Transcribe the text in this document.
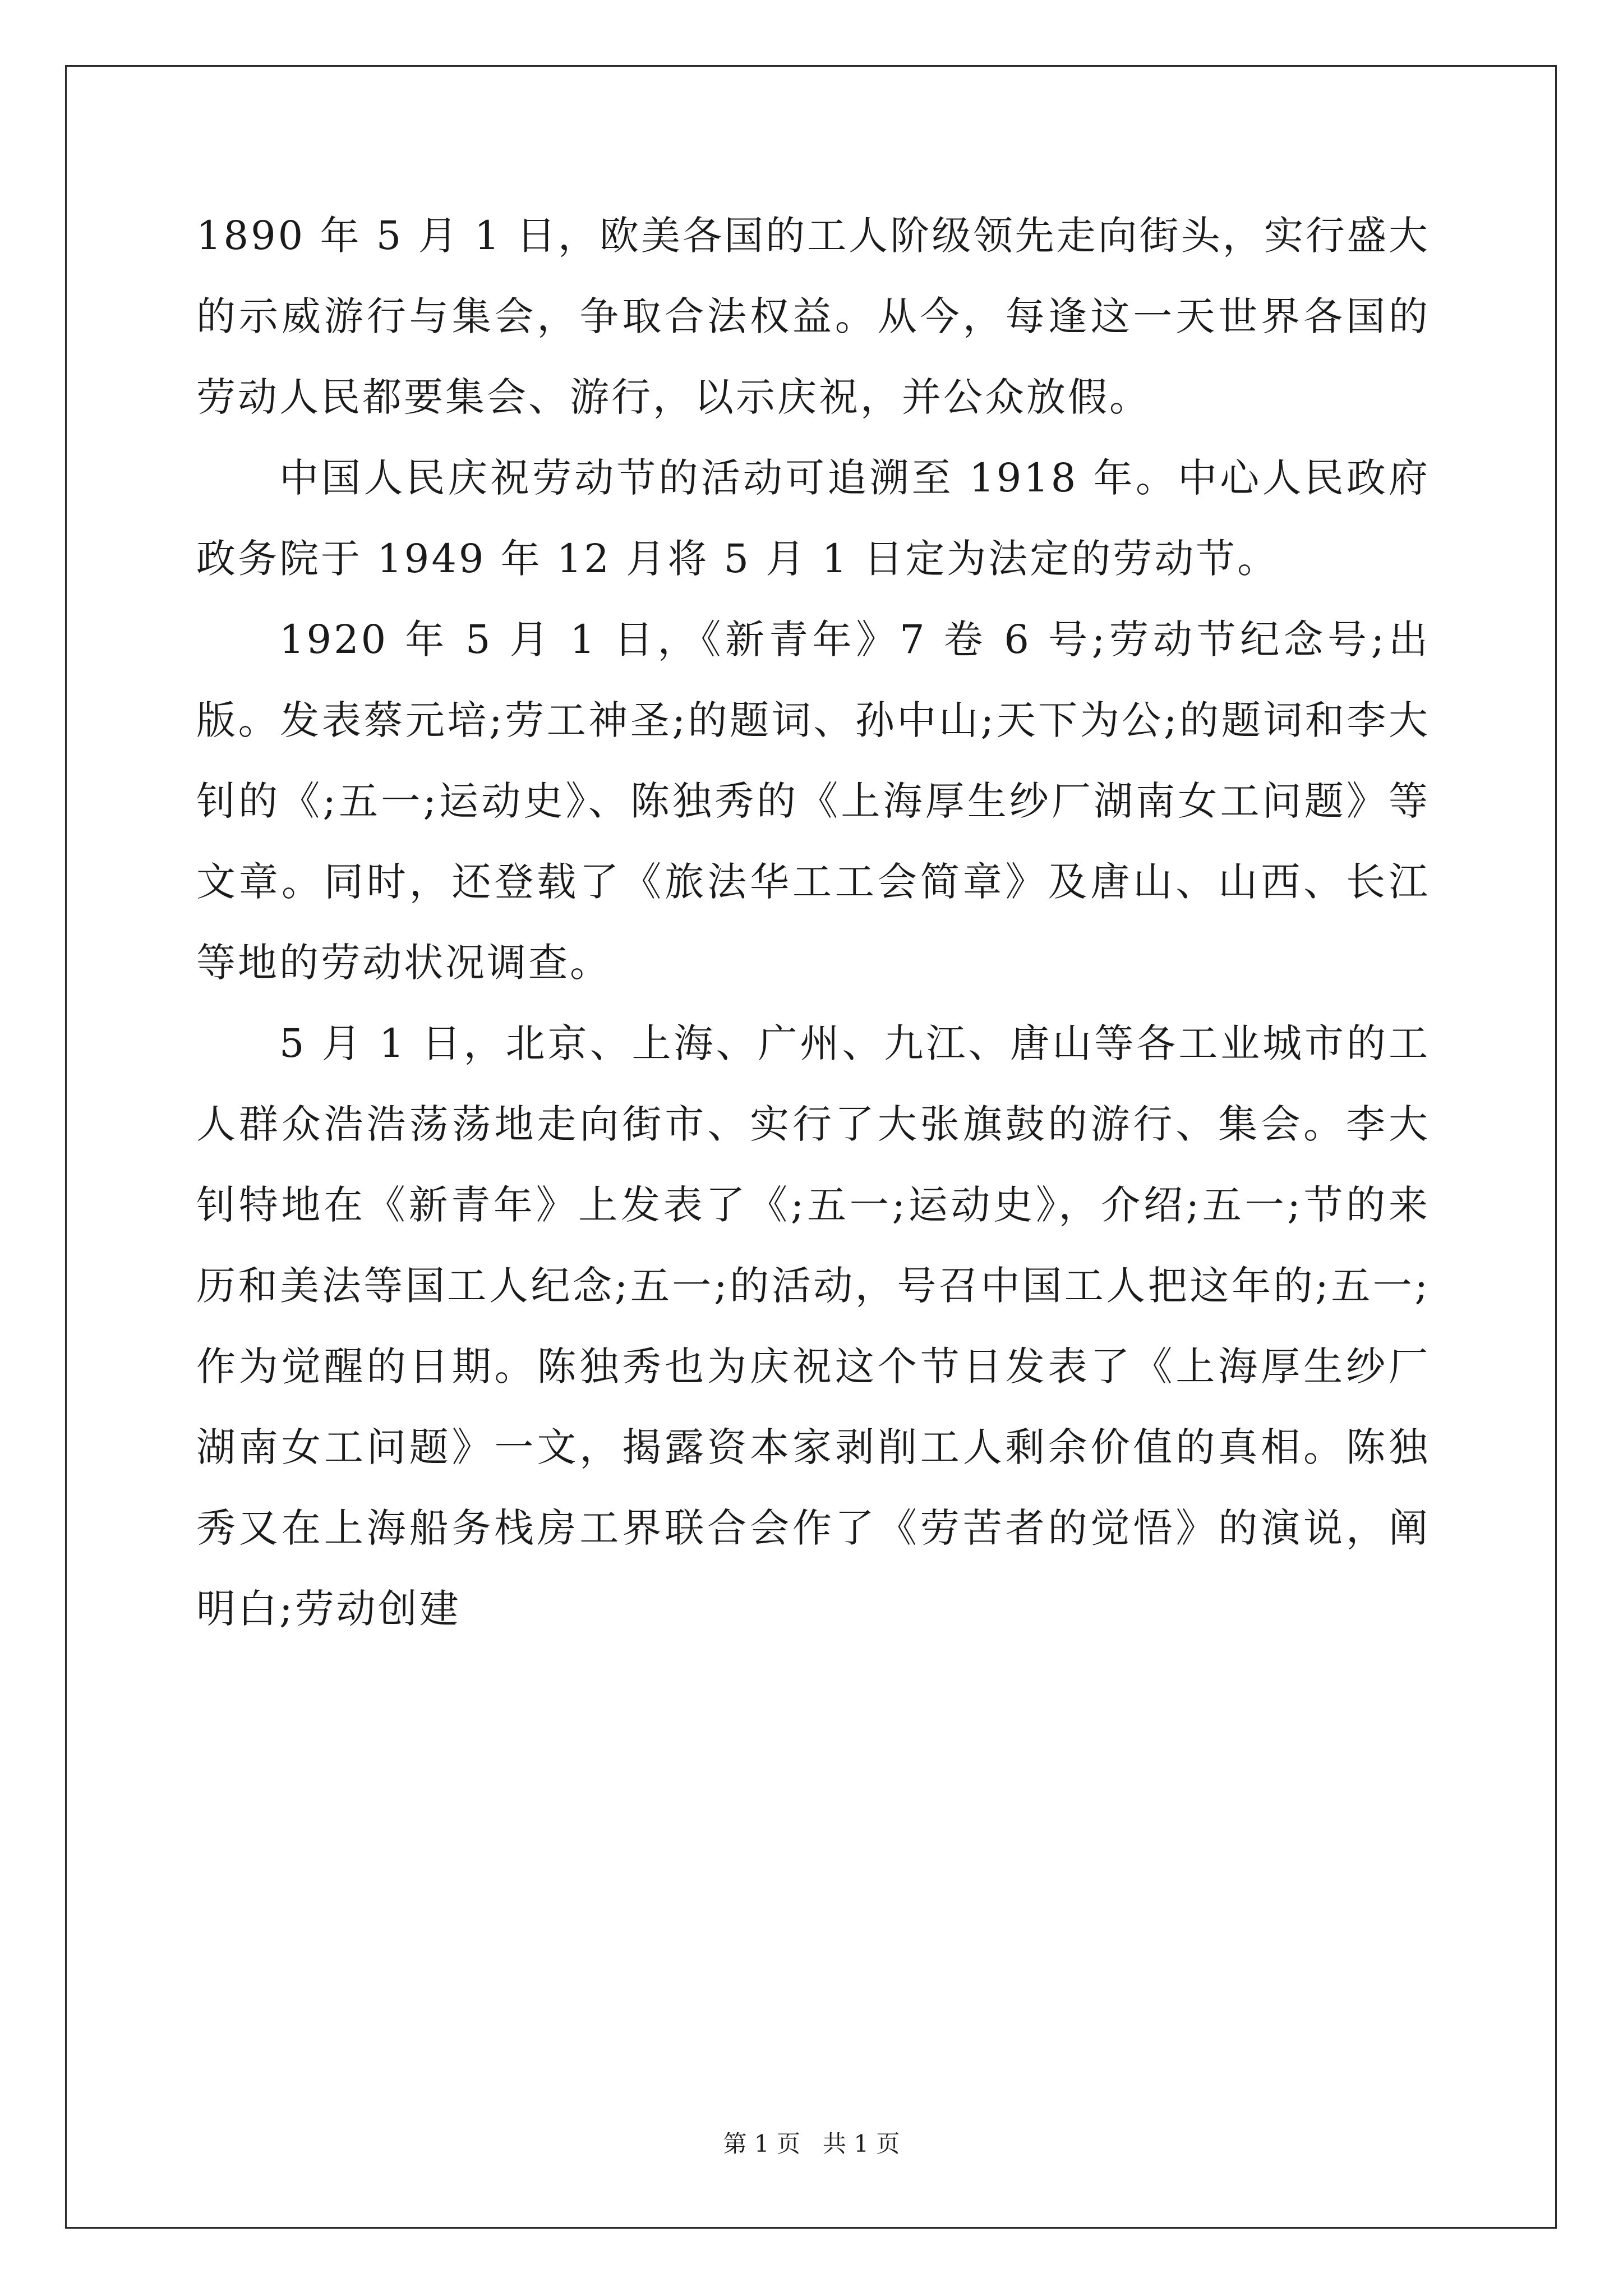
1890 年 5 月 1 日，欧美各国的工人阶级领先走向街头，实行盛大的示威游行与集会，争取合法权益。从今，每逢这一天世界各国的劳动人民都要集会、游行，以示庆祝，并公众放假。

中国人民庆祝劳动节的活动可追溯至 1918 年。中心人民政府政务院于 1949 年 12 月将 5 月 1 日定为法定的劳动节。

1920 年 5 月 1 日，《新青年》7 卷 6 号;劳动节纪念号;出版。发表蔡元培;劳工神圣;的题词、孙中山;天下为公;的题词和李大钊的《;五一;运动史》、陈独秀的《上海厚生纱厂湖南女工问题》等文章。同时，还登载了《旅法华工工会简章》及唐山、山西、长江等地的劳动状况调查。

5 月 1 日，北京、上海、广州、九江、唐山等各工业城市的工人群众浩浩荡荡地走向街市、实行了大张旗鼓的游行、集会。李大钊特地在《新青年》上发表了《;五一;运动史》，介绍;五一;节的来历和美法等国工人纪念;五一;的活动，号召中国工人把这年的;五一;作为觉醒的日期。陈独秀也为庆祝这个节日发表了《上海厚生纱厂湖南女工问题》一文，揭露资本家剥削工人剩余价值的真相。陈独秀又在上海船务栈房工界联合会作了《劳苦者的觉悟》的演说，阐明白;劳动创建

第 1 页 共 1 页
